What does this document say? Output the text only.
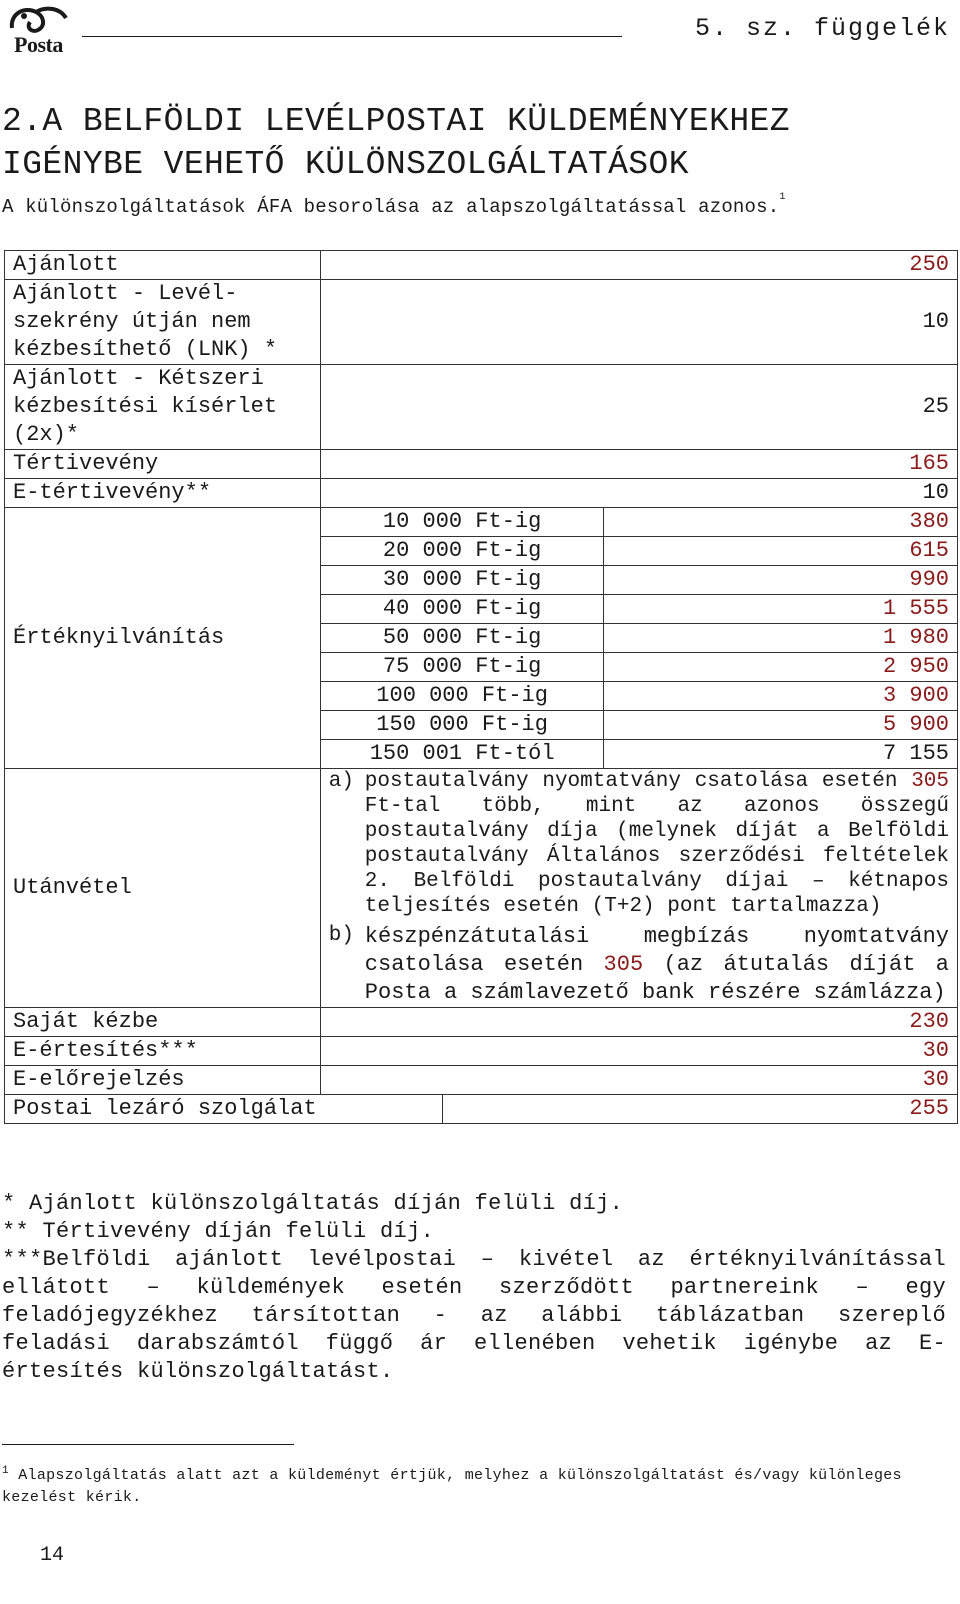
Posta
5. sz. függelék
2.A BELFÖLDI LEVÉLPOSTAI KÜLDEMÉNYEKHEZ
IGÉNYBE VEHETŐ KÜLÖNSZOLGÁLTATÁSOK
A különszolgáltatások ÁFA besorolása az alapszolgáltatással azonos.$^1$
Ajánlott	250		

Ajánlott - Levél-
szekrény útján nem
kézbesíthető (LNK) *	10		

Ajánlott - Kétszeri
kézbesítési kísérlet
(2x)*	25		
Tértivevény	165		
E-tértivevény**	10		
Értéknyilvánítás	10 000 Ft-ig		380
	20 000 Ft-ig		615
	30 000 Ft-ig		990
	40 000 Ft-ig		1 555
	50 000 Ft-ig		1 980
	75 000 Ft-ig		2 950
	100 000 Ft-ig		3 900
	150 000 Ft-ig		5 900
	150 001 Ft-tól		7 155
Utánvétel	a) postautalvány nyomtatvány csatolása esetén 305 Ft-tal több, mint az azonos összegű postautalvány díja (melynek díját a Belföldi postautalvány Általános szerződési feltételek 2. Belföldi postautalvány díjai – kétnapos teljesítés esetén (T+2) pont tartalmazza)
b) készpénzátutalási megbízás nyomtatvány csatolása esetén 305 (az átutalás díját a Posta a számlavezető bank részére számlázza)		

Saját kézbe	230		
E-értesítés***	30		
E-előrejelzés	30		
Postai lezáró szolgálat		255	

* Ajánlott különszolgáltatás díján felüli díj.

** Tértivevény díján felüli díj.

***Belföldi ajánlott levélpostai – kivétel az értéknyilvánítással ellátott – küldemények esetén szerződött partnereink – egy feladójegyzékhez társítottan - az alábbi táblázatban szereplő feladási darabszámtól függő ár ellenében vehetik igénybe az E-értesítés különszolgáltatást.

$^1$ Alapszolgáltatás alatt azt a küldeményt értjük, melyhez a különszolgáltatást és/vagy különleges kezelést kérik.
14
